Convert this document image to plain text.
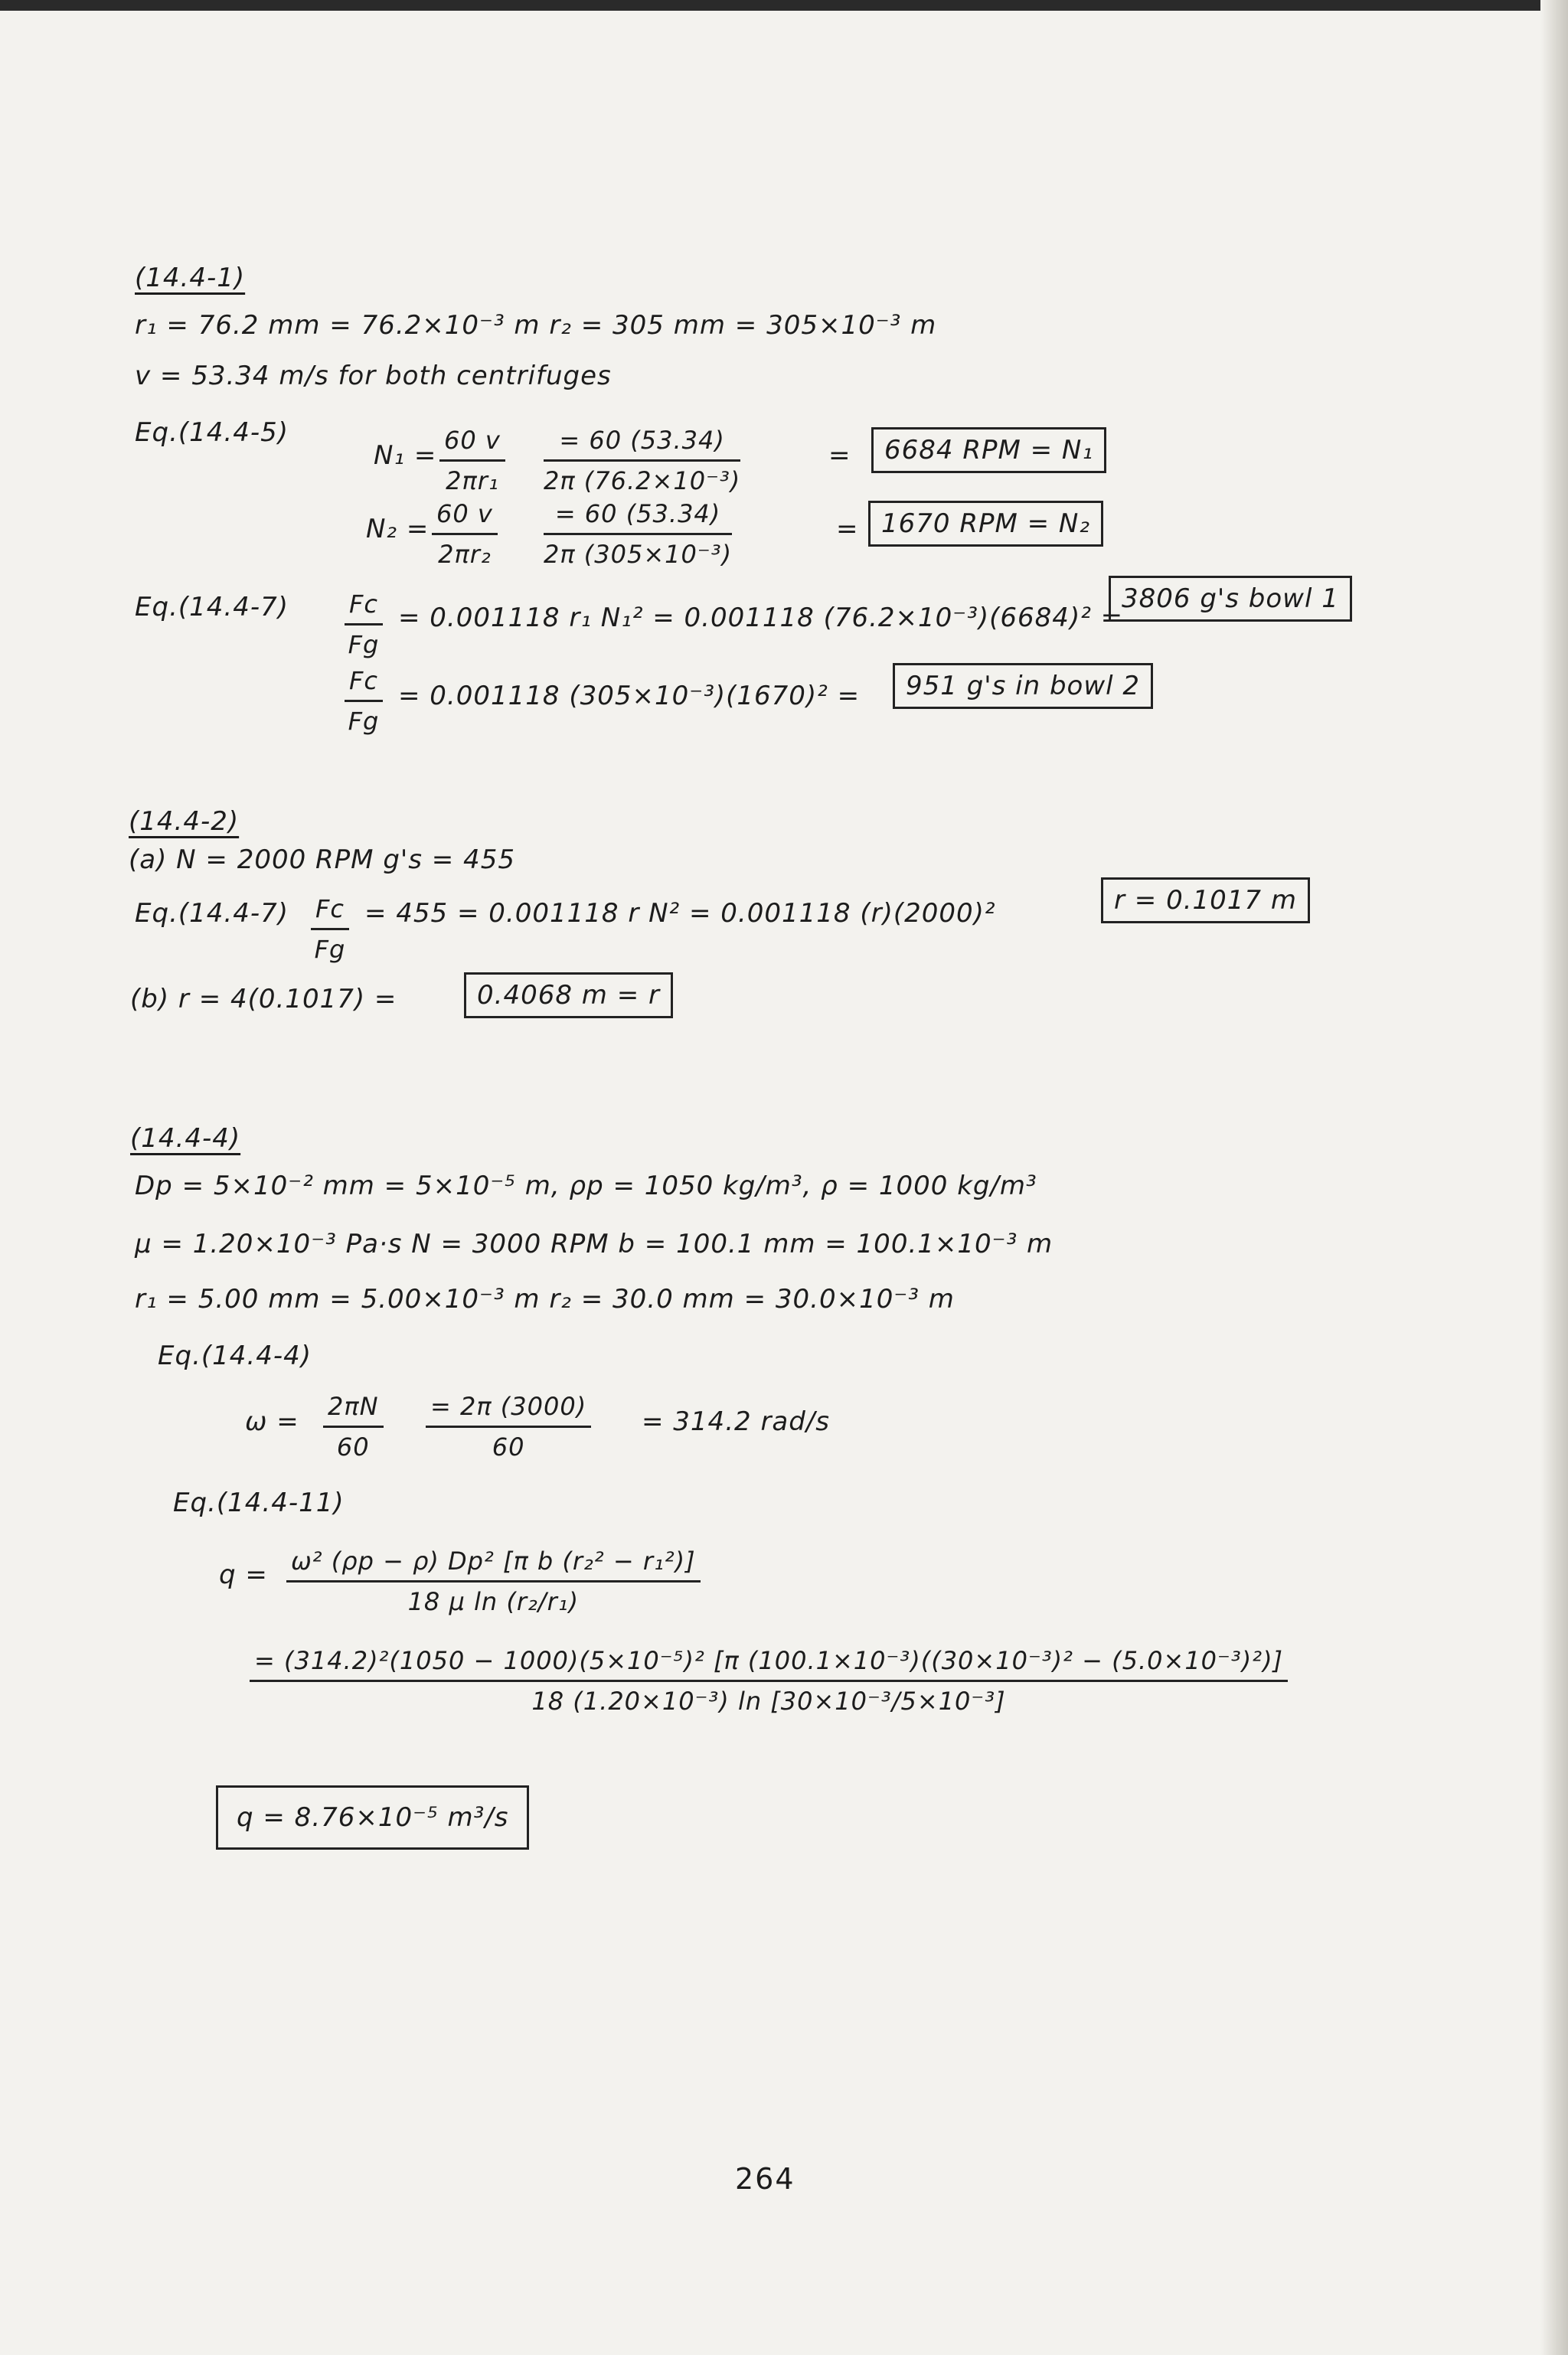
(14.4-1)
r₁ = 76.2 mm = 76.2×10⁻³ m r₂ = 305 mm = 305×10⁻³ m
v = 53.34 m/s for both centrifuges
Eq.(14.4-5)
$N_1 = \frac{60 v}{\text{2πr₁}} \frac{= 60 (53.34)}{\text{2π (76.2×10⁻³)}}$	=	6684 RPM = N₁
$N_2 = \frac{60 v}{\text{2πr₂}} \frac{= 60 (53.34)}{\text{2π (305×10⁻³)}}$	= 1670 RPM = N₂
$Eq.(14.4-7) \frac{Fc}{Fg} = 0.001118$ r₁ N₁² = 0.001118 (76.2×10⁻³)(6684)² =
3806 g's bowl 1
$\frac{Fc}{Fg} = 0.001118$ (305×10⁻³)(1670)² =	951 g's in bowl 2
(14.4-2)
(a) N = 2000 RPM g's = 455
$Eq.(14.4-7) \frac{Fc}{Fg} = 455 = 0.001118$ r N² = 0.001118 (r)(2000)²	r = 0.1017 m
(b) r = 4(0.1017) =	0.4068 m = r
(14.4-4)
Dp = 5×10⁻² mm = 5×10⁻⁵ m, ρp = 1050 kg/m³, ρ = 1000 kg/m³
μ = 1.20×10⁻³ Pa·s N = 3000 RPM b = 100.1 mm = 100.1×10⁻³ m
r₁ = 5.00 mm = 5.00×10⁻³ m r₂ = 30.0 mm = 30.0×10⁻³ m
Eq.(14.4-4)
$\omega = \frac{2\pi N}{60} \frac{= 2\pi (3000)}{60} = 314.2$ rad/s
Eq.(14.4-11)
$q = \frac{\text{ω² (ρp − ρ) Dp² [π b (r₂² − r₁²)]}}{\text{18 μ ln (r₂/r₁)}}$
= (314.2)²(1050 − 1000)(5×10⁻⁵)² [π (100.1×10⁻³)((30×10⁻³)² − (5.0×10⁻³)²)]
18 (1.20×10⁻³) ln [30×10⁻³/5×10⁻³]
q = 8.76×10⁻⁵ m³/s
264
